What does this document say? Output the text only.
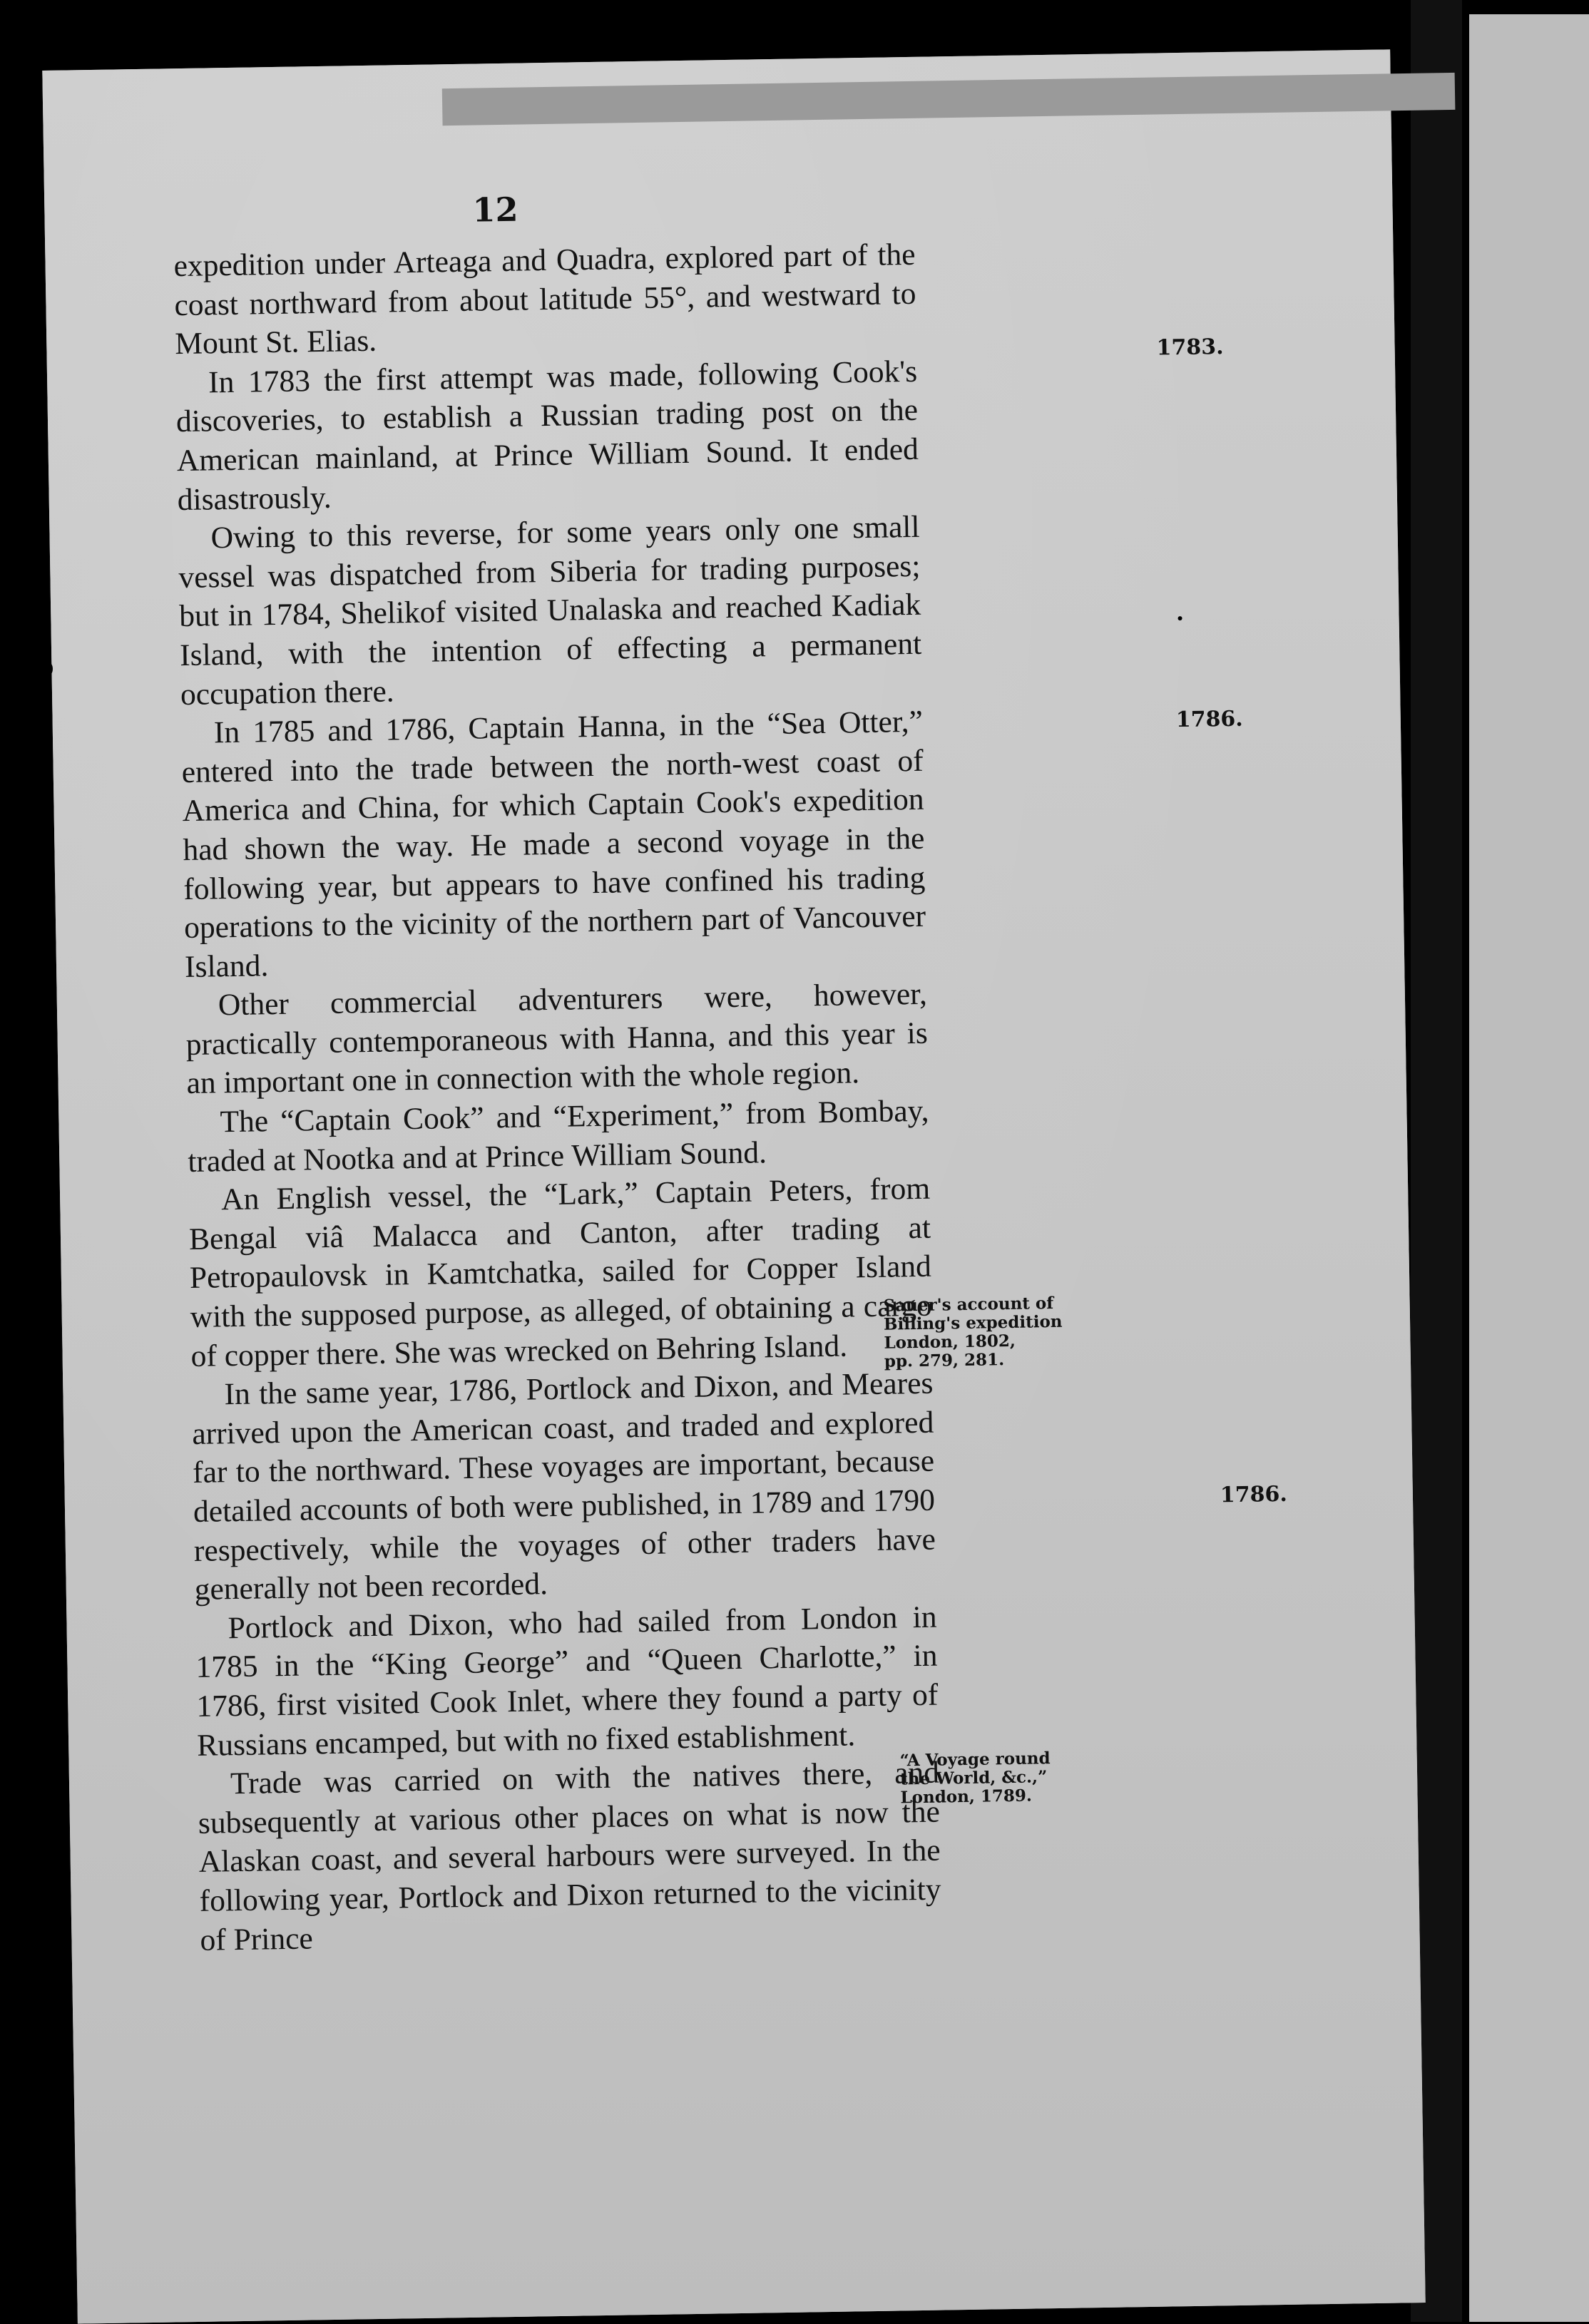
12

expedition under Arteaga and Quadra, explored part of the coast northward from about latitude 55°, and westward to Mount St. Elias.

In 1783 the first attempt was made, following Cook's discoveries, to establish a Russian trading post on the American mainland, at Prince William Sound. It ended disastrously.

Owing to this reverse, for some years only one small vessel was dispatched from Siberia for trading purposes; but in 1784, Shelikof visited Unalaska and reached Kadiak Island, with the intention of effecting a permanent occupation there.

In 1785 and 1786, Captain Hanna, in the “Sea Otter,” entered into the trade between the north-west coast of America and China, for which Captain Cook's expedition had shown the way. He made a second voyage in the following year, but appears to have confined his trading operations to the vicinity of the northern part of Vancouver Island.

Other commercial adventurers were, however, practically contemporaneous with Hanna, and this year is an important one in connection with the whole region.

The “Captain Cook” and “Experiment,” from Bombay, traded at Nootka and at Prince William Sound.

An English vessel, the “Lark,” Captain Peters, from Bengal viâ Malacca and Canton, after trading at Petropaulovsk in Kamtchatka, sailed for Copper Island with the supposed purpose, as alleged, of obtaining a cargo of copper there. She was wrecked on Behring Island.

In the same year, 1786, Portlock and Dixon, and Meares arrived upon the American coast, and traded and explored far to the northward. These voyages are important, because detailed accounts of both were published, in 1789 and 1790 respectively, while the voyages of other traders have generally not been recorded.

Portlock and Dixon, who had sailed from London in 1785 in the “King George” and “Queen Charlotte,” in 1786, first visited Cook Inlet, where they found a party of Russians encamped, but with no fixed establishment.

Trade was carried on with the natives there, and subsequently at various other places on what is now the Alaskan coast, and several harbours were surveyed. In the following year, Portlock and Dixon returned to the vicinity of Prince

1783.
1786.
Sauer's account of
Billing's expedition
London, 1802,
pp. 279, 281.
1786.
“A Voyage round
the World, &c.,”
London, 1789.
